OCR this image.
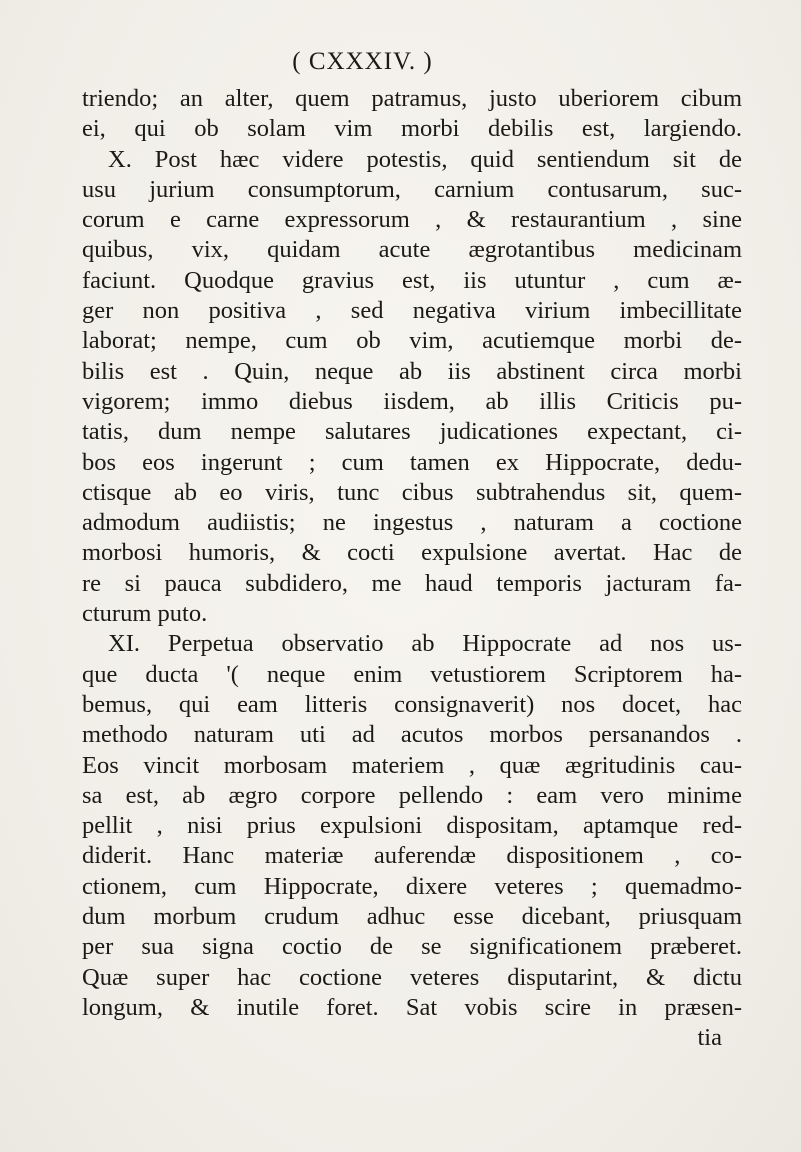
( CXXXIV. )
triendo; an alter, quem patramus, justo uberiorem cibum
ei, qui ob solam vim morbi debilis est, largiendo.
X. Post hæc videre potestis, quid sentiendum sit de
usu jurium consumptorum, carnium contusarum, suc-
corum e carne expressorum , & restaurantium , sine
quibus, vix, quidam acute ægrotantibus medicinam
faciunt. Quodque gravius est, iis utuntur , cum æ-
ger non positiva , sed negativa virium imbecillitate
laborat; nempe, cum ob vim, acutiemque morbi de-
bilis est . Quin, neque ab iis abstinent circa morbi
vigorem; immo diebus iisdem, ab illis Criticis pu-
tatis, dum nempe salutares judicationes expectant, ci-
bos eos ingerunt ; cum tamen ex Hippocrate, dedu-
ctisque ab eo viris, tunc cibus subtrahendus sit, quem-
admodum audiistis; ne ingestus , naturam a coctione
morbosi humoris, & cocti expulsione avertat. Hac de
re si pauca subdidero, me haud temporis jacturam fa-
cturum puto.
XI. Perpetua observatio ab Hippocrate ad nos us-
que ducta '( neque enim vetustiorem Scriptorem ha-
bemus, qui eam litteris consignaverit) nos docet, hac
methodo naturam uti ad acutos morbos persanandos .
Eos vincit morbosam materiem , quæ ægritudinis cau-
sa est, ab ægro corpore pellendo : eam vero minime
pellit , nisi prius expulsioni dispositam, aptamque red-
diderit. Hanc materiæ auferendæ dispositionem , co-
ctionem, cum Hippocrate, dixere veteres ; quemadmo-
dum morbum crudum adhuc esse dicebant, priusquam
per sua signa coctio de se significationem præberet.
Quæ super hac coctione veteres disputarint, & dictu
longum, & inutile foret. Sat vobis scire in præsen-
tia
